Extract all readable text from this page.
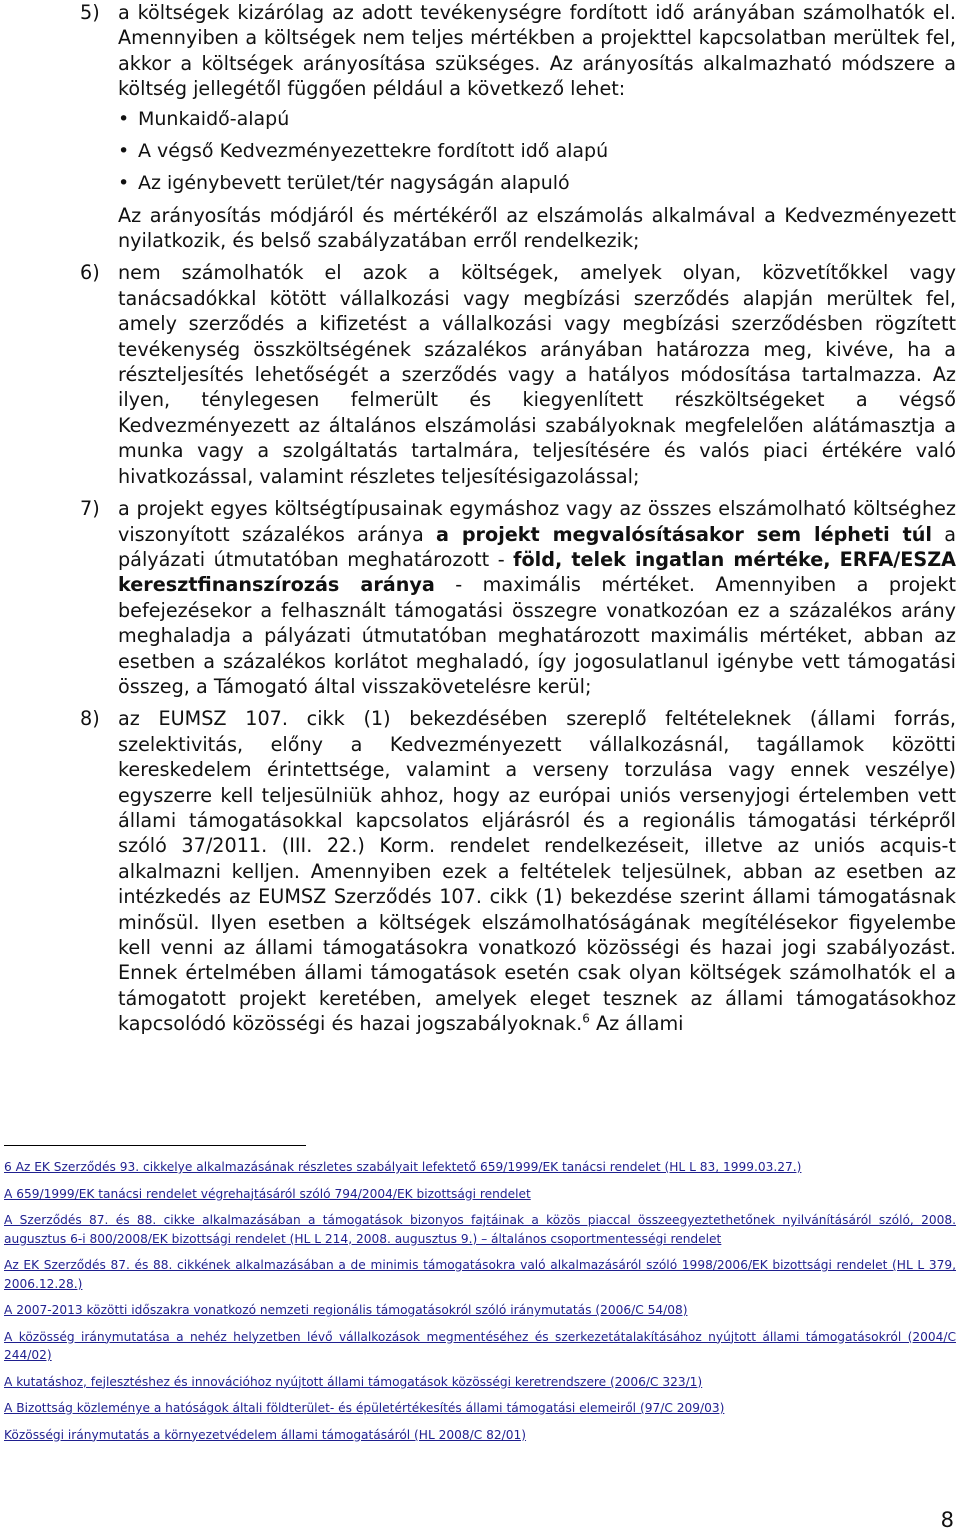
5) a költségek kizárólag az adott tevékenységre fordított idő arányában számolhatók el. Amennyiben a költségek nem teljes mértékben a projekttel kapcsolatban merültek fel, akkor a költségek arányosítása szükséges. Az arányosítás alkalmazható módszere a költség jellegétől függően például a következő lehet:

• Munkaidő-alapú
• A végső Kedvezményezettekre fordított idő alapú
• Az igénybevett terület/tér nagyságán alapuló

Az arányosítás módjáról és mértékéről az elszámolás alkalmával a Kedvezményezett nyilatkozik, és belső szabályzatában erről rendelkezik;

6) nem számolhatók el azok a költségek, amelyek olyan, közvetítőkkel vagy tanácsadókkal kötött vállalkozási vagy megbízási szerződés alapján merültek fel, amely szerződés a kifizetést a vállalkozási vagy megbízási szerződésben rögzített tevékenység összköltségének százalékos arányában határozza meg, kivéve, ha a részteljesítés lehetőségét a szerződés vagy a hatályos módosítása tartalmazza. Az ilyen, ténylegesen felmerült és kiegyenlített részköltségeket a végső Kedvezményezett az általános elszámolási szabályoknak megfelelően alátámasztja a munka vagy a szolgáltatás tartalmára, teljesítésére és valós piaci értékére való hivatkozással, valamint részletes teljesítésigazolással;

7) a projekt egyes költségtípusainak egymáshoz vagy az összes elszámolható költséghez viszonyított százalékos aránya a projekt megvalósításakor sem lépheti túl a pályázati útmutatóban meghatározott - föld, telek ingatlan mértéke, ERFA/ESZA keresztfinanszírozás aránya - maximális mértéket. Amennyiben a projekt befejezésekor a felhasznált támogatási összegre vonatkozóan ez a százalékos arány meghaladja a pályázati útmutatóban meghatározott maximális mértéket, abban az esetben a százalékos korlátot meghaladó, így jogosulatlanul igénybe vett támogatási összeg, a Támogató által visszakövetelésre kerül;

8) az EUMSZ 107. cikk (1) bekezdésében szereplő feltételeknek (állami forrás, szelektivitás, előny a Kedvezményezett vállalkozásnál, tagállamok közötti kereskedelem érintettsége, valamint a verseny torzulása vagy ennek veszélye) egyszerre kell teljesülniük ahhoz, hogy az európai uniós versenyjogi értelemben vett állami támogatásokkal kapcsolatos eljárásról és a regionális támogatási térképről szóló 37/2011. (III. 22.) Korm. rendelet rendelkezéseit, illetve az uniós acquis-t alkalmazni kelljen. Amennyiben ezek a feltételek teljesülnek, abban az esetben az intézkedés az EUMSZ Szerződés 107. cikk (1) bekezdése szerint állami támogatásnak minősül. Ilyen esetben a költségek elszámolhatóságának megítélésekor figyelembe kell venni az állami támogatásokra vonatkozó közösségi és hazai jogi szabályozást. Ennek értelmében állami támogatások esetén csak olyan költségek számolhatók el a támogatott projekt keretében, amelyek eleget tesznek az állami támogatásokhoz kapcsolódó közösségi és hazai jogszabályoknak.$^6$ Az állami

6 Az EK Szerződés 93. cikkelye alkalmazásának részletes szabályait lefektető 659/1999/EK tanácsi rendelet (HL L 83, 1999.03.27.)

A 659/1999/EK tanácsi rendelet végrehajtásáról szóló 794/2004/EK bizottsági rendelet

A Szerződés 87. és 88. cikke alkalmazásában a támogatások bizonyos fajtáinak a közös piaccal összeegyeztethetőnek nyilvánításáról szóló, 2008. augusztus 6-i 800/2008/EK bizottsági rendelet (HL L 214, 2008. augusztus 9.) – általános csoportmentességi rendelet

Az EK Szerződés 87. és 88. cikkének alkalmazásában a de minimis támogatásokra való alkalmazásáról szóló 1998/2006/EK bizottsági rendelet (HL L 379, 2006.12.28.)

A 2007-2013 közötti időszakra vonatkozó nemzeti regionális támogatásokról szóló iránymutatás (2006/C 54/08)

A közösség iránymutatása a nehéz helyzetben lévő vállalkozások megmentéséhez és szerkezetátalakításához nyújtott állami támogatásokról (2004/C 244/02)

A kutatáshoz, fejlesztéshez és innovációhoz nyújtott állami támogatások közösségi keretrendszere (2006/C 323/1)

A Bizottság közleménye a hatóságok általi földterület- és épületértékesítés állami támogatási elemeiről (97/C 209/03)

Közösségi iránymutatás a környezetvédelem állami támogatásáról (HL 2008/C 82/01)

8
